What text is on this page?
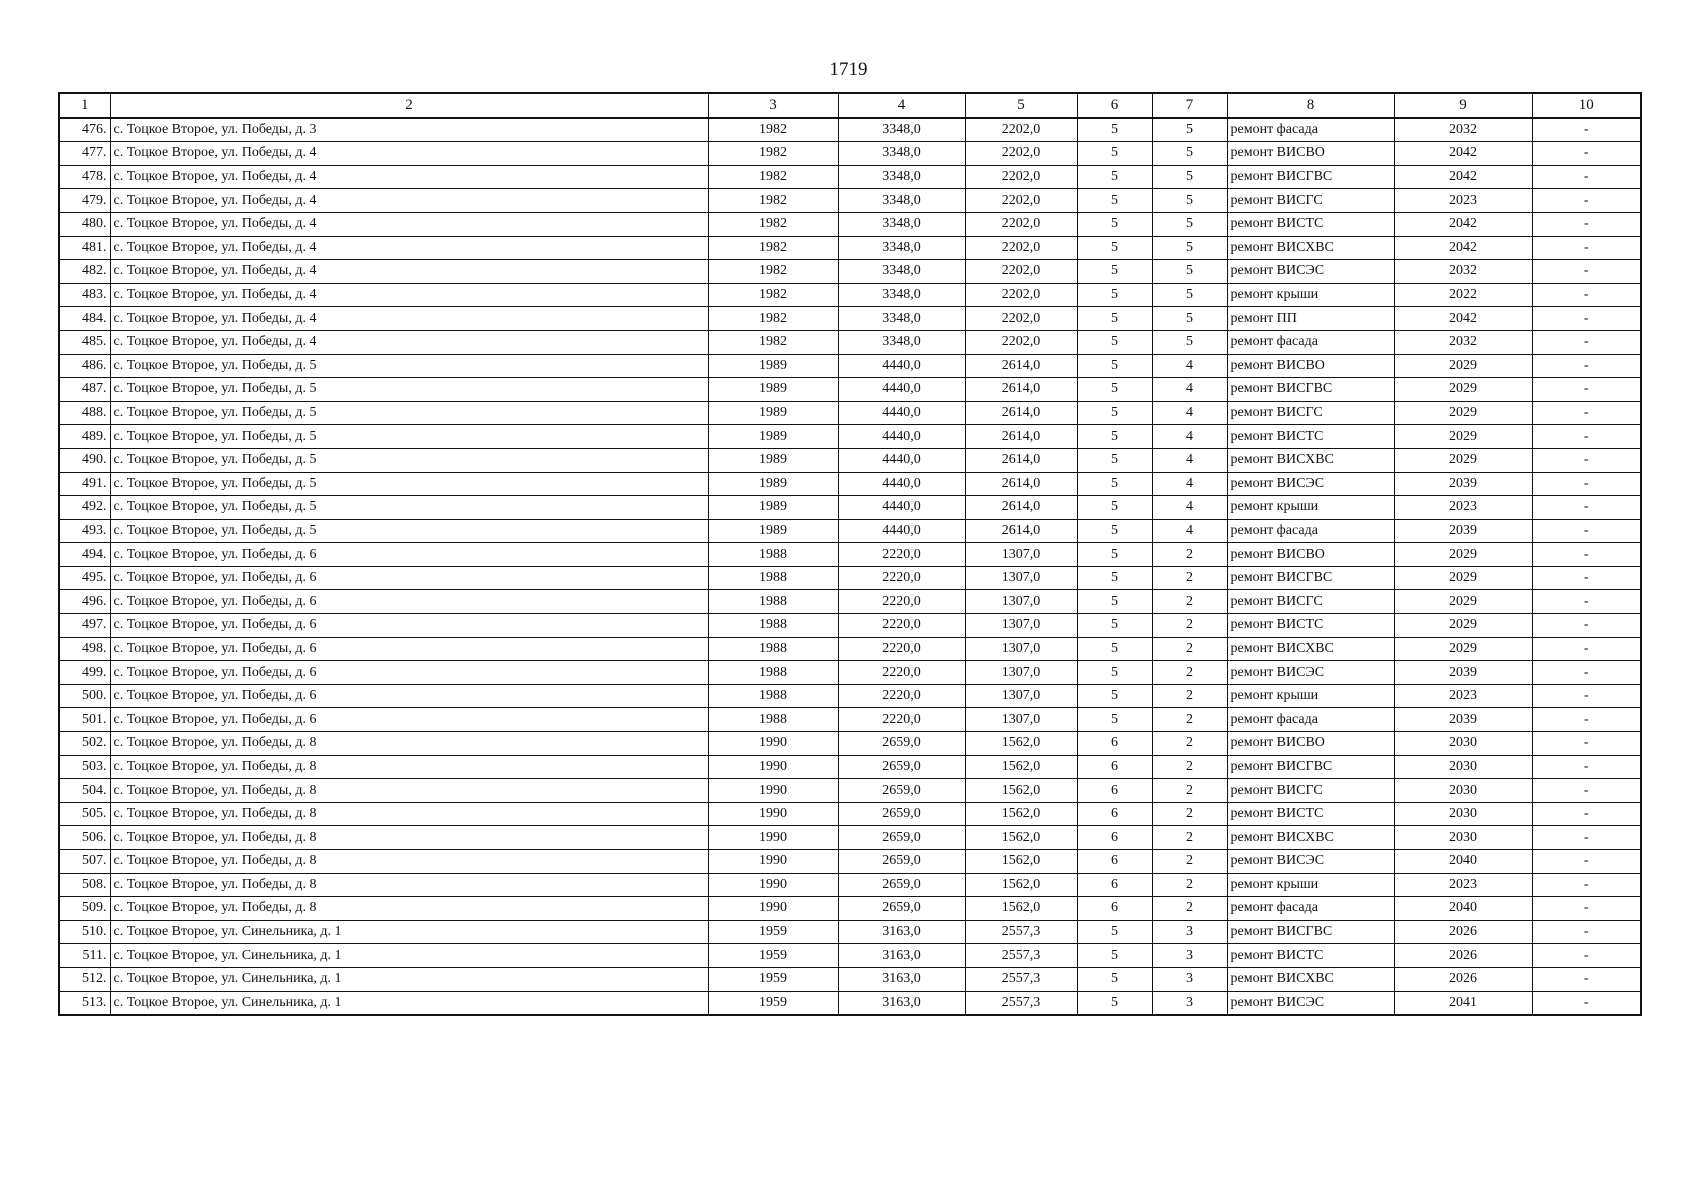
1719
1	2	3	4	5	6	7	8	9	10
476.	с. Тоцкое Второе, ул. Победы, д. 3	1982	3348,0	2202,0	5	5	ремонт фасада	2032	-
477.	с. Тоцкое Второе, ул. Победы, д. 4	1982	3348,0	2202,0	5	5	ремонт ВИСВО	2042	-
478.	с. Тоцкое Второе, ул. Победы, д. 4	1982	3348,0	2202,0	5	5	ремонт ВИСГВС	2042	-
479.	с. Тоцкое Второе, ул. Победы, д. 4	1982	3348,0	2202,0	5	5	ремонт ВИСГС	2023	-
480.	с. Тоцкое Второе, ул. Победы, д. 4	1982	3348,0	2202,0	5	5	ремонт ВИСТС	2042	-
481.	с. Тоцкое Второе, ул. Победы, д. 4	1982	3348,0	2202,0	5	5	ремонт ВИСХВС	2042	-
482.	с. Тоцкое Второе, ул. Победы, д. 4	1982	3348,0	2202,0	5	5	ремонт ВИСЭС	2032	-
483.	с. Тоцкое Второе, ул. Победы, д. 4	1982	3348,0	2202,0	5	5	ремонт крыши	2022	-
484.	с. Тоцкое Второе, ул. Победы, д. 4	1982	3348,0	2202,0	5	5	ремонт ПП	2042	-
485.	с. Тоцкое Второе, ул. Победы, д. 4	1982	3348,0	2202,0	5	5	ремонт фасада	2032	-
486.	с. Тоцкое Второе, ул. Победы, д. 5	1989	4440,0	2614,0	5	4	ремонт ВИСВО	2029	-
487.	с. Тоцкое Второе, ул. Победы, д. 5	1989	4440,0	2614,0	5	4	ремонт ВИСГВС	2029	-
488.	с. Тоцкое Второе, ул. Победы, д. 5	1989	4440,0	2614,0	5	4	ремонт ВИСГС	2029	-
489.	с. Тоцкое Второе, ул. Победы, д. 5	1989	4440,0	2614,0	5	4	ремонт ВИСТС	2029	-
490.	с. Тоцкое Второе, ул. Победы, д. 5	1989	4440,0	2614,0	5	4	ремонт ВИСХВС	2029	-
491.	с. Тоцкое Второе, ул. Победы, д. 5	1989	4440,0	2614,0	5	4	ремонт ВИСЭС	2039	-
492.	с. Тоцкое Второе, ул. Победы, д. 5	1989	4440,0	2614,0	5	4	ремонт крыши	2023	-
493.	с. Тоцкое Второе, ул. Победы, д. 5	1989	4440,0	2614,0	5	4	ремонт фасада	2039	-
494.	с. Тоцкое Второе, ул. Победы, д. 6	1988	2220,0	1307,0	5	2	ремонт ВИСВО	2029	-
495.	с. Тоцкое Второе, ул. Победы, д. 6	1988	2220,0	1307,0	5	2	ремонт ВИСГВС	2029	-
496.	с. Тоцкое Второе, ул. Победы, д. 6	1988	2220,0	1307,0	5	2	ремонт ВИСГС	2029	-
497.	с. Тоцкое Второе, ул. Победы, д. 6	1988	2220,0	1307,0	5	2	ремонт ВИСТС	2029	-
498.	с. Тоцкое Второе, ул. Победы, д. 6	1988	2220,0	1307,0	5	2	ремонт ВИСХВС	2029	-
499.	с. Тоцкое Второе, ул. Победы, д. 6	1988	2220,0	1307,0	5	2	ремонт ВИСЭС	2039	-
500.	с. Тоцкое Второе, ул. Победы, д. 6	1988	2220,0	1307,0	5	2	ремонт крыши	2023	-
501.	с. Тоцкое Второе, ул. Победы, д. 6	1988	2220,0	1307,0	5	2	ремонт фасада	2039	-
502.	с. Тоцкое Второе, ул. Победы, д. 8	1990	2659,0	1562,0	6	2	ремонт ВИСВО	2030	-
503.	с. Тоцкое Второе, ул. Победы, д. 8	1990	2659,0	1562,0	6	2	ремонт ВИСГВС	2030	-
504.	с. Тоцкое Второе, ул. Победы, д. 8	1990	2659,0	1562,0	6	2	ремонт ВИСГС	2030	-
505.	с. Тоцкое Второе, ул. Победы, д. 8	1990	2659,0	1562,0	6	2	ремонт ВИСТС	2030	-
506.	с. Тоцкое Второе, ул. Победы, д. 8	1990	2659,0	1562,0	6	2	ремонт ВИСХВС	2030	-
507.	с. Тоцкое Второе, ул. Победы, д. 8	1990	2659,0	1562,0	6	2	ремонт ВИСЭС	2040	-
508.	с. Тоцкое Второе, ул. Победы, д. 8	1990	2659,0	1562,0	6	2	ремонт крыши	2023	-
509.	с. Тоцкое Второе, ул. Победы, д. 8	1990	2659,0	1562,0	6	2	ремонт фасада	2040	-
510.	с. Тоцкое Второе, ул. Синельника, д. 1	1959	3163,0	2557,3	5	3	ремонт ВИСГВС	2026	-
511.	с. Тоцкое Второе, ул. Синельника, д. 1	1959	3163,0	2557,3	5	3	ремонт ВИСТС	2026	-
512.	с. Тоцкое Второе, ул. Синельника, д. 1	1959	3163,0	2557,3	5	3	ремонт ВИСХВС	2026	-
513.	с. Тоцкое Второе, ул. Синельника, д. 1	1959	3163,0	2557,3	5	3	ремонт ВИСЭС	2041	-
